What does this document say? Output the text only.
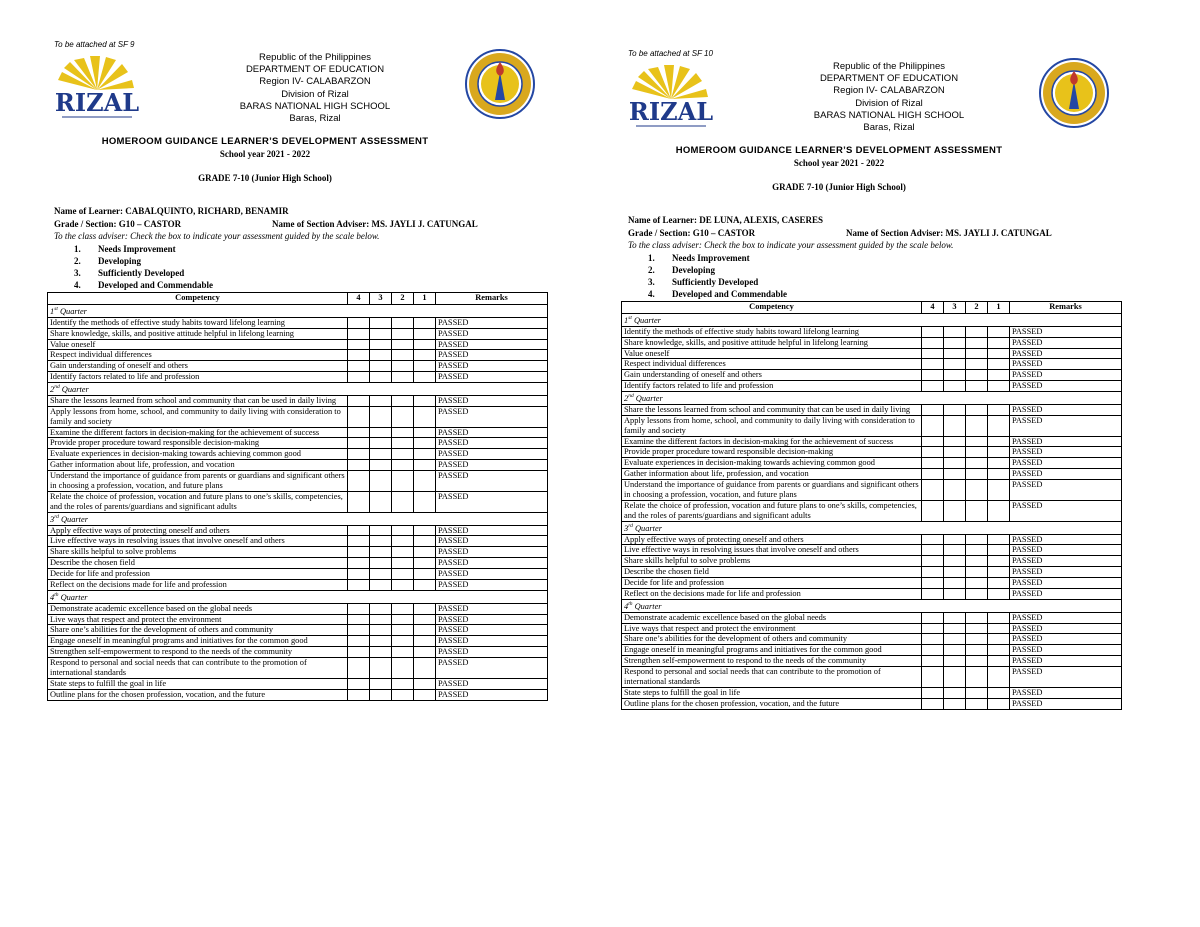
To be attached at SF 9
RIZAL
Republic of the Philippines
DEPARTMENT OF EDUCATION
Region IV- CALABARZON
Division of Rizal
BARAS NATIONAL HIGH SCHOOL
Baras, Rizal
HOMEROOM GUIDANCE LEARNER’S DEVELOPMENT ASSESSMENT
School year 2021 - 2022
GRADE 7-10 (Junior High School)
Name of Learner: CABALQUINTO, RICHARD, BENAMIR
Grade / Section: G10 – CASTOR	Name of Section Adviser: MS. JAYLI J. CATUNGAL
To the class adviser: Check the box to indicate your assessment guided by the scale below.
1. Needs Improvement
2. Developing
3. Sufficiently Developed
4. Developed and Commendable
Competency	4	3	2	1	Remarks
1st Quarter					
Identify the methods of effective study habits toward lifelong learning					PASSED
Share knowledge, skills, and positive attitude helpful in lifelong learning					PASSED
Value oneself					PASSED
Respect individual differences					PASSED
Gain understanding of oneself and others					PASSED
Identify factors related to life and profession					PASSED
2nd Quarter					
Share the lessons learned from school and community that can be used in daily living					PASSED
Apply lessons from home, school, and community to daily living with consideration to family and society					PASSED
Examine the different factors in decision-making for the achievement of success					PASSED
Provide proper procedure toward responsible decision-making					PASSED
Evaluate experiences in decision-making towards achieving common good					PASSED
Gather information about life, profession, and vocation					PASSED
Understand the importance of guidance from parents or guardians and significant others in choosing a profession, vocation, and future plans					PASSED
Relate the choice of profession, vocation and future plans to one’s skills, competencies, and the roles of parents/guardians and significant adults					PASSED
3rd Quarter					
Apply effective ways of protecting oneself and others					PASSED
Live effective ways in resolving issues that involve oneself and others					PASSED
Share skills helpful to solve problems					PASSED
Describe the chosen field					PASSED
Decide for life and profession					PASSED
Reflect on the decisions made for life and profession					PASSED
4th Quarter					
Demonstrate academic excellence based on the global needs					PASSED
Live ways that respect and protect the environment					PASSED
Share one’s abilities for the development of others and community					PASSED
Engage oneself in meaningful programs and initiatives for the common good					PASSED
Strengthen self-empowerment to respond to the needs of the community					PASSED
Respond to personal and social needs that can contribute to the promotion of international standards					PASSED
State steps to fulfill the goal in life					PASSED
Outline plans for the chosen profession, vocation, and the future					PASSED
To be attached at SF 10
RIZAL
Republic of the Philippines
DEPARTMENT OF EDUCATION
Region IV- CALABARZON
Division of Rizal
BARAS NATIONAL HIGH SCHOOL
Baras, Rizal
HOMEROOM GUIDANCE LEARNER’S DEVELOPMENT ASSESSMENT
School year 2021 - 2022
GRADE 7-10 (Junior High School)
Name of Learner: DE LUNA, ALEXIS, CASERES
Grade / Section: G10 – CASTOR	Name of Section Adviser: MS. JAYLI J. CATUNGAL
To the class adviser: Check the box to indicate your assessment guided by the scale below.
1. Needs Improvement
2. Developing
3. Sufficiently Developed
4. Developed and Commendable
Competency	4	3	2	1	Remarks
1st Quarter					
Identify the methods of effective study habits toward lifelong learning					PASSED
Share knowledge, skills, and positive attitude helpful in lifelong learning					PASSED
Value oneself					PASSED
Respect individual differences					PASSED
Gain understanding of oneself and others					PASSED
Identify factors related to life and profession					PASSED
2nd Quarter					
Share the lessons learned from school and community that can be used in daily living					PASSED
Apply lessons from home, school, and community to daily living with consideration to family and society					PASSED
Examine the different factors in decision-making for the achievement of success					PASSED
Provide proper procedure toward responsible decision-making					PASSED
Evaluate experiences in decision-making towards achieving common good					PASSED
Gather information about life, profession, and vocation					PASSED
Understand the importance of guidance from parents or guardians and significant others in choosing a profession, vocation, and future plans					PASSED
Relate the choice of profession, vocation and future plans to one’s skills, competencies, and the roles of parents/guardians and significant adults					PASSED
3rd Quarter					
Apply effective ways of protecting oneself and others					PASSED
Live effective ways in resolving issues that involve oneself and others					PASSED
Share skills helpful to solve problems					PASSED
Describe the chosen field					PASSED
Decide for life and profession					PASSED
Reflect on the decisions made for life and profession					PASSED
4th Quarter					
Demonstrate academic excellence based on the global needs					PASSED
Live ways that respect and protect the environment					PASSED
Share one’s abilities for the development of others and community					PASSED
Engage oneself in meaningful programs and initiatives for the common good					PASSED
Strengthen self-empowerment to respond to the needs of the community					PASSED
Respond to personal and social needs that can contribute to the promotion of international standards					PASSED
State steps to fulfill the goal in life					PASSED
Outline plans for the chosen profession, vocation, and the future					PASSED
